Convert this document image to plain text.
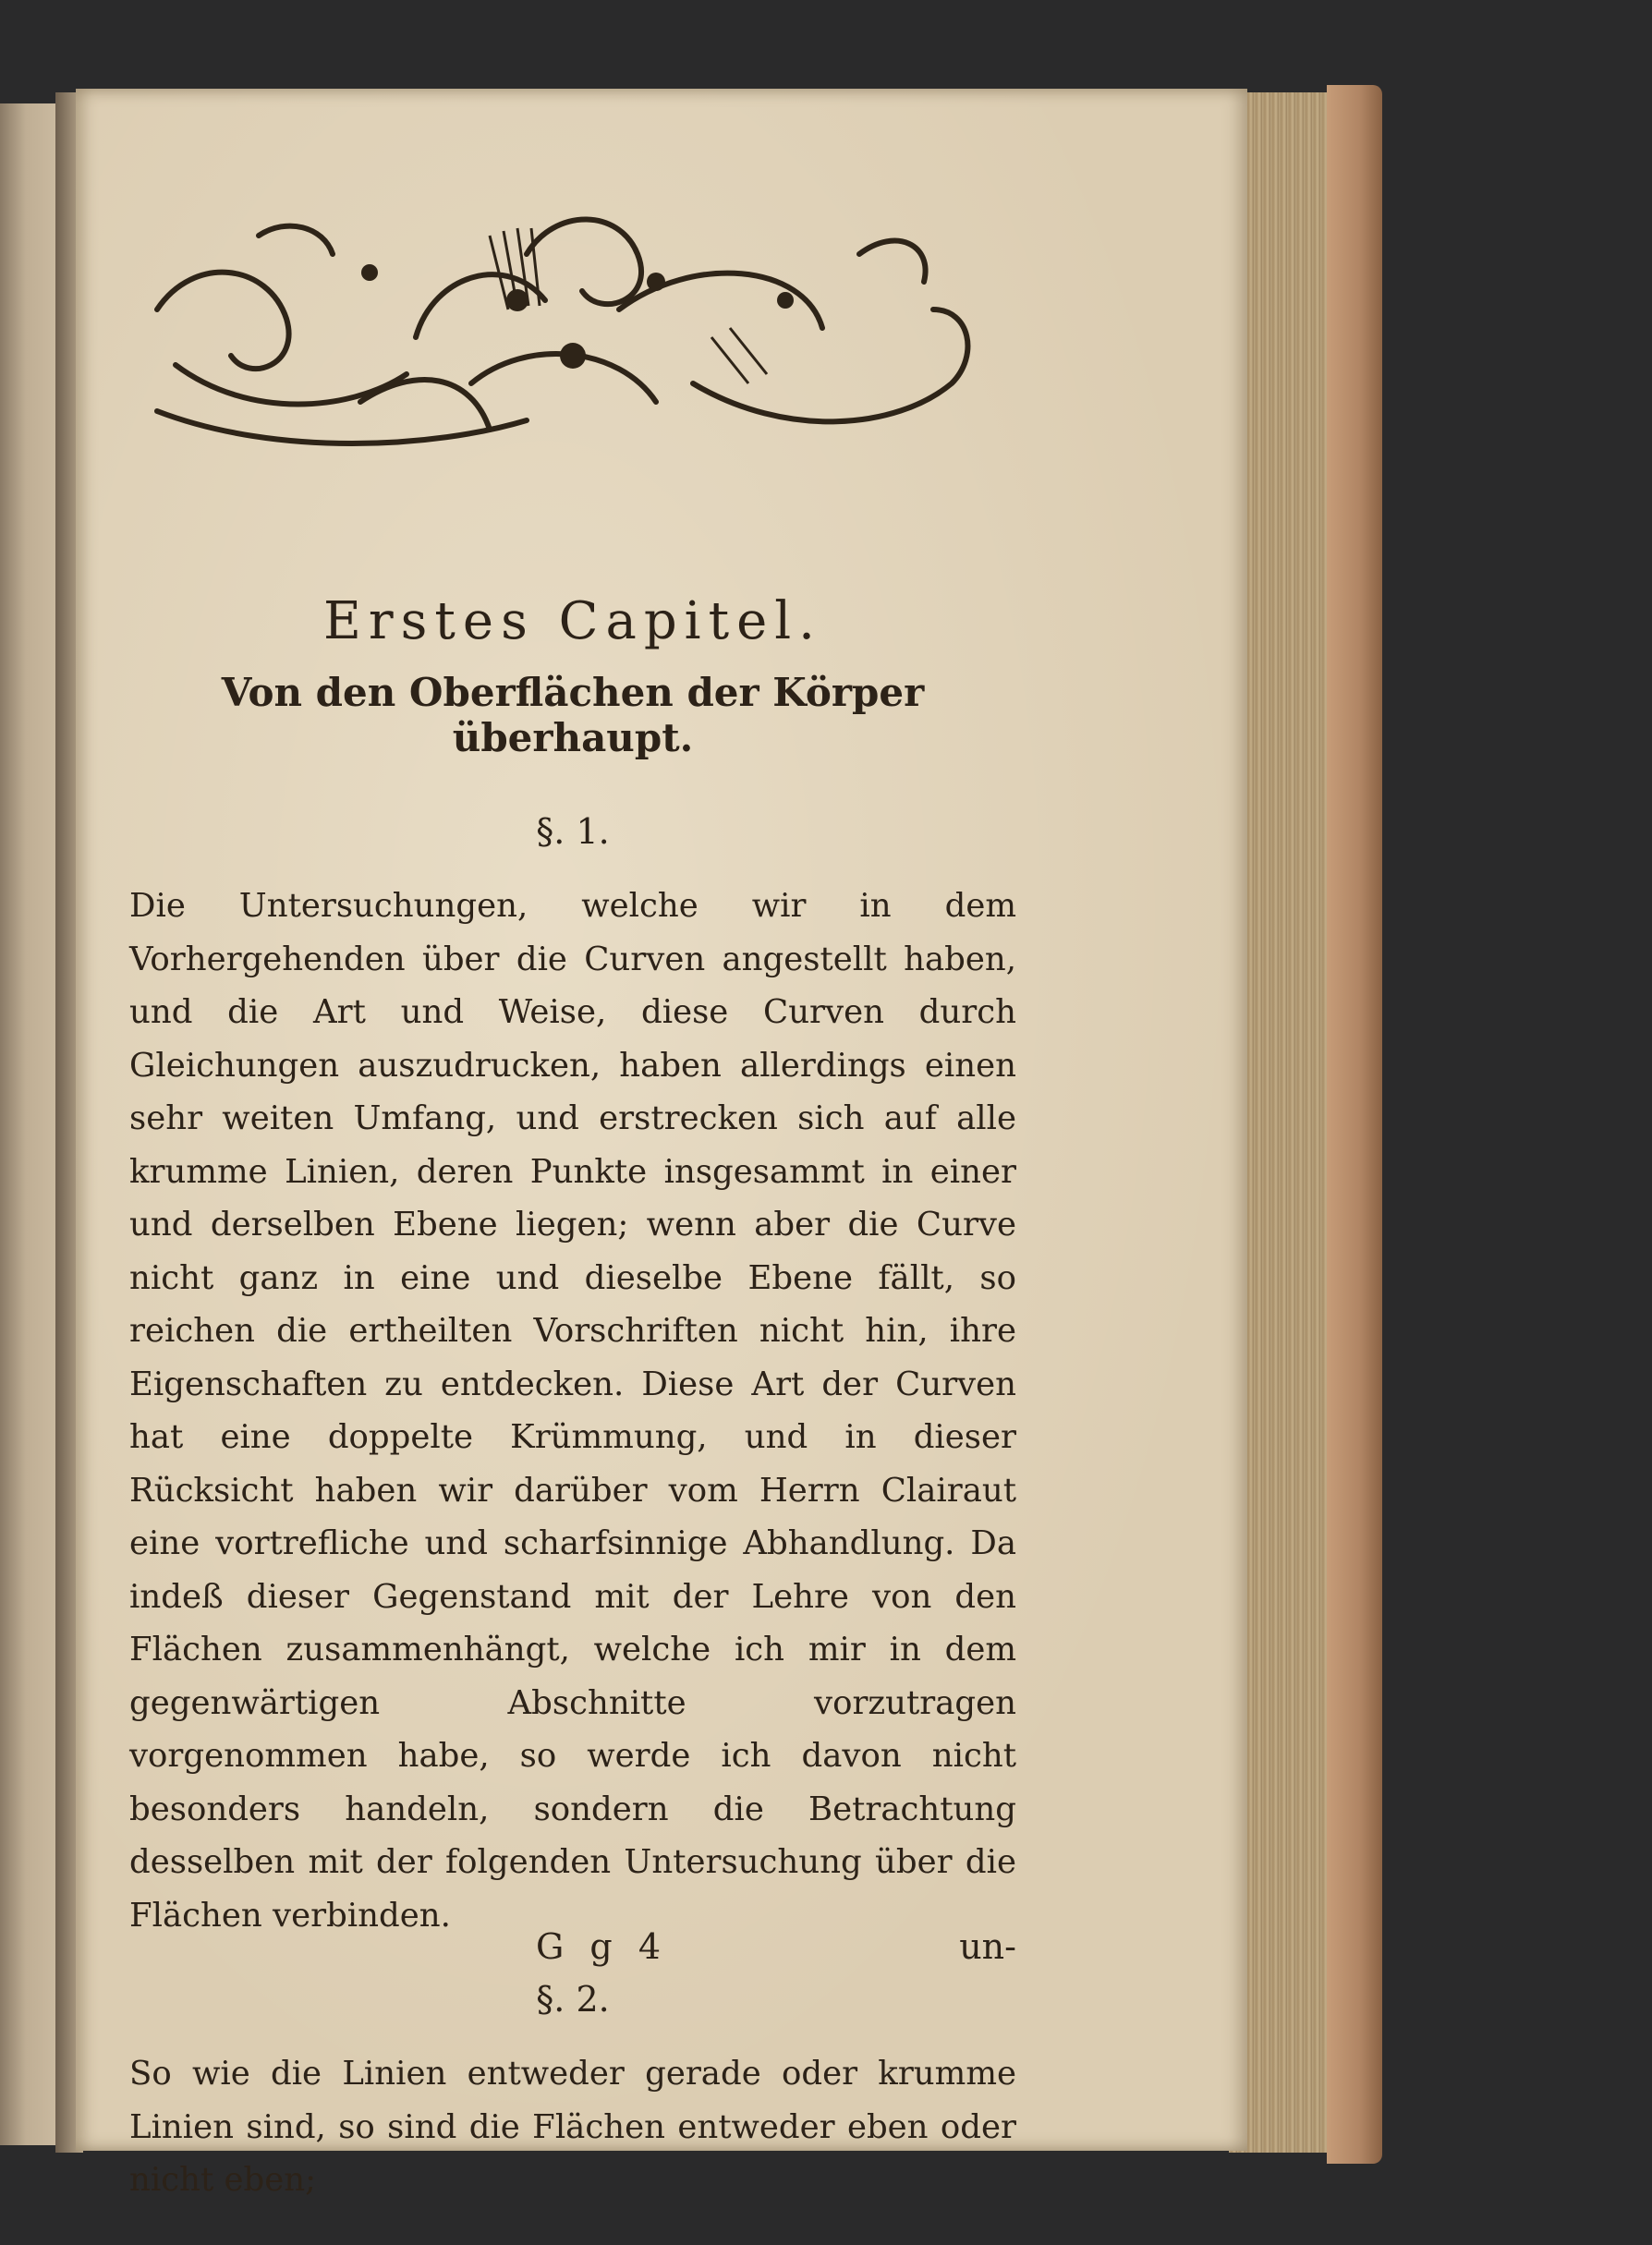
Erstes Capitel.
Von den Oberflächen der Körper überhaupt.
§. 1.

Die Untersuchungen, welche wir in dem Vorhergehenden über die Curven angestellt haben, und die Art und Weise, diese Curven durch Gleichungen auszudrucken, haben allerdings einen sehr weiten Umfang, und erstrecken sich auf alle krumme Linien, deren Punkte insgesammt in einer und derselben Ebene liegen; wenn aber die Curve nicht ganz in eine und dieselbe Ebene fällt, so reichen die ertheilten Vorschriften nicht hin, ihre Eigenschaften zu entdecken. Diese Art der Curven hat eine doppelte Krümmung, und in dieser Rücksicht haben wir darüber vom Herrn Clairaut eine vortrefliche und scharfsinnige Abhandlung. Da indeß dieser Gegenstand mit der Lehre von den Flächen zusammenhängt, welche ich mir in dem gegenwärtigen Abschnitte vorzutragen vorgenommen habe, so werde ich davon nicht besonders handeln, sondern die Betrachtung desselben mit der folgenden Untersuchung über die Flächen verbinden.

§. 2.

So wie die Linien entweder gerade oder krumme Linien sind, so sind die Flächen entweder eben oder nicht eben;

G g 4	un-
